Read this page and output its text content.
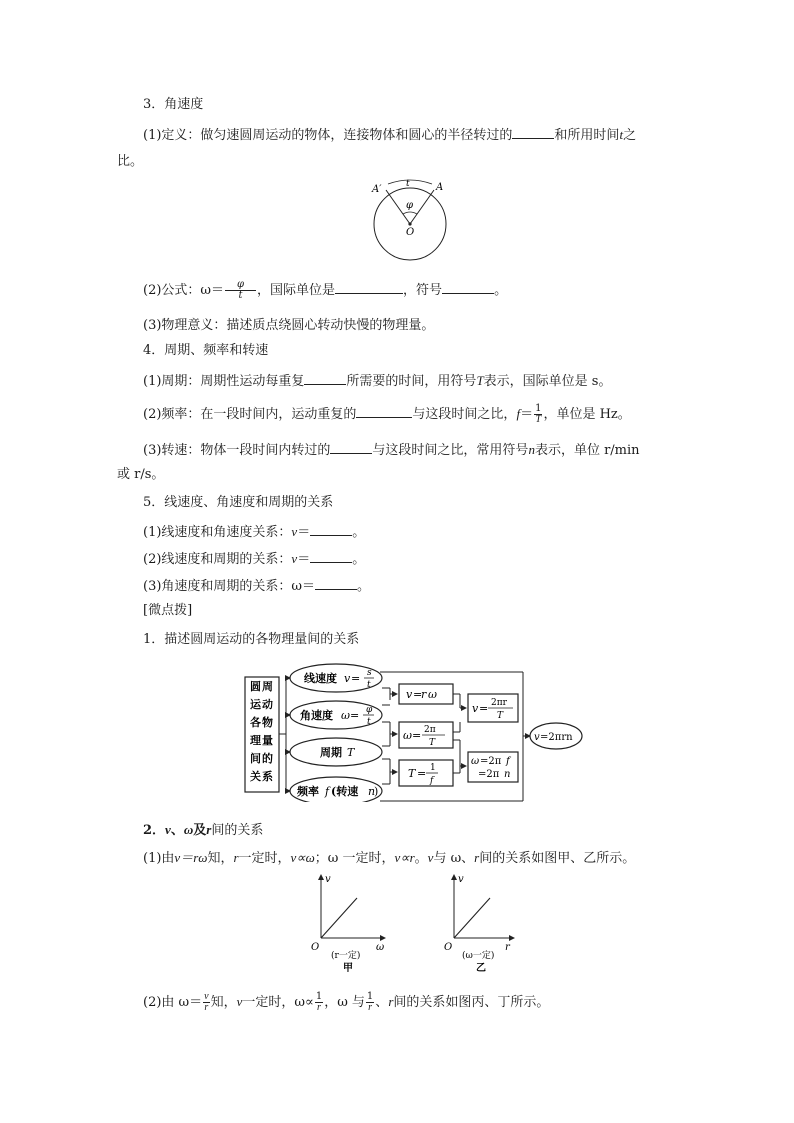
3．角速度
(1)定义：做匀速圆周运动的物体，连接物体和圆心的半径转过的	和所用时间t之
比。
A′	A
t
φ
O
(2)公式：$\omega= \frac{\varphi}{t}$ ，国际单位是	，符号	。
(3)物理意义：描述质点绕圆心转动快慢的物理量。
4．周期、频率和转速
(1)周期：周期性运动每重复	所需要的时间，用符号T表示，国际单位是 s。
(2)频率：在一段时间内，运动重复的	与这段时间之比，$f= \frac{1}{T}$ ，单位是 Hz。
(3)转速：物体一段时间内转过的	与这段时间之比，常用符号n表示，单位 r/min
或 r/s。
5．线速度、角速度和周期的关系
(1)线速度和角速度关系：v＝	。
(2)线速度和周期的关系：v＝	。
(3)角速度和周期的关系：ω＝	。
[微点拨]
1．描述圆周运动的各物理量间的关系
圆 周
运 动
各 物
理 量
间 的
关 系
线速度 v = s
t
角速度 ω = φ
t
周期 T
频率 f (转速 n
)
v =
r ω
ω = 2π
T
T = 1
f
v = 2πr
T
ω =2π f
=2π n
v =2πrn
2．v、ω及r间的关系
(1)由v＝rω知，r一定时，v∝ω；ω 一定时，v∝r。v与 ω、r间的关系如图甲、乙所示。
v
ω
O
(r一定)
甲
v
r
O
(ω一定)
乙
(2)由 $\omega= \frac{v}{r}$ 知，v一定时，$\omega\propto \frac{1}{r}$ ，ω 与 $\frac{1}{r}$ 、r间的关系如图丙、丁所示。
